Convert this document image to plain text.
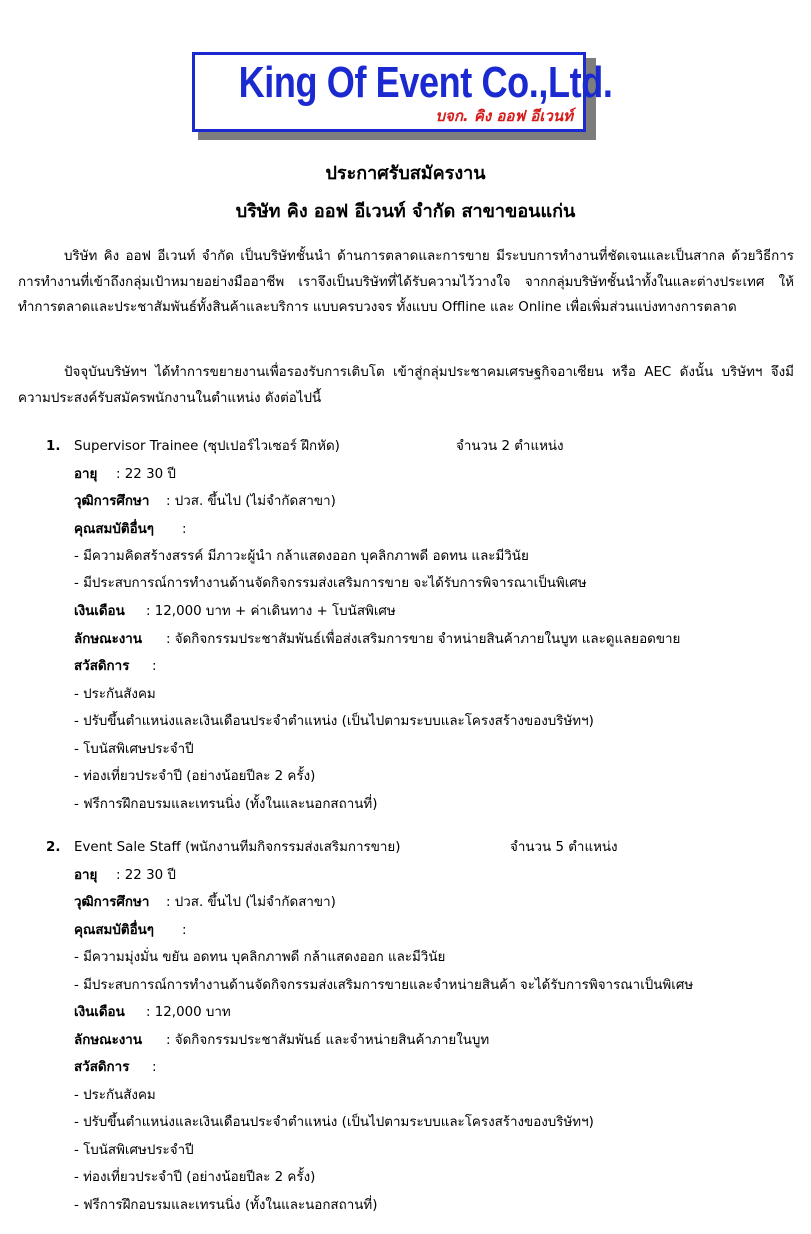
King Of Event Co.,Ltd.
บจก. คิง ออฟ อีเวนท์
ประกาศรับสมัครงาน
บริษัท คิง ออฟ อีเวนท์ จำกัด สาขาขอนแก่น
บริษัท คิง ออฟ อีเวนท์ จำกัด เป็นบริษัทชั้นนำ ด้านการตลาดและการขาย มีระบบการทำงานที่ชัดเจนและเป็นสากล ด้วยวิธีการการทำงานที่เข้าถึงกลุ่มเป้าหมายอย่างมืออาชีพ เราจึงเป็นบริษัทที่ได้รับความไว้วางใจ จากกลุ่มบริษัทชั้นนำทั้งในและต่างประเทศ ให้ทำการตลาดและประชาสัมพันธ์ทั้งสินค้าและบริการ แบบครบวงจร ทั้งแบบ Offline และ Online เพื่อเพิ่มส่วนแบ่งทางการตลาด
ปัจจุบันบริษัทฯ ได้ทำการขยายงานเพื่อรองรับการเติบโต เข้าสู่กลุ่มประชาคมเศรษฐกิจอาเซียน หรือ AEC ดังนั้น บริษัทฯ จึงมีความประสงค์รับสมัครพนักงานในตำแหน่ง ดังต่อไปนี้
1. Supervisor Trainee (ซุปเปอร์ไวเซอร์ ฝึกหัด)	จำนวน 2 ตำแหน่ง
อายุ : 22 30 ปี
วุฒิการศึกษา : ปวส. ขึ้นไป (ไม่จำกัดสาขา)
คุณสมบัติอื่นๆ :
- มีความคิดสร้างสรรค์ มีภาวะผู้นำ กล้าแสดงออก บุคลิกภาพดี อดทน และมีวินัย
- มีประสบการณ์การทำงานด้านจัดกิจกรรมส่งเสริมการขาย จะได้รับการพิจารณาเป็นพิเศษ
เงินเดือน : 12,000 บาท + ค่าเดินทาง + โบนัสพิเศษ
ลักษณะงาน : จัดกิจกรรมประชาสัมพันธ์เพื่อส่งเสริมการขาย จำหน่ายสินค้าภายในบูท และดูแลยอดขาย
สวัสดิการ :
- ประกันสังคม
- ปรับขึ้นตำแหน่งและเงินเดือนประจำตำแหน่ง (เป็นไปตามระบบและโครงสร้างของบริษัทฯ)
- โบนัสพิเศษประจำปี
- ท่องเที่ยวประจำปี (อย่างน้อยปีละ 2 ครั้ง)
- ฟรีการฝึกอบรมและเทรนนิ่ง (ทั้งในและนอกสถานที่)
2. Event Sale Staff (พนักงานทีมกิจกรรมส่งเสริมการขาย)	จำนวน 5 ตำแหน่ง
อายุ : 22 30 ปี
วุฒิการศึกษา : ปวส. ขึ้นไป (ไม่จำกัดสาขา)
คุณสมบัติอื่นๆ :
- มีความมุ่งมั่น ขยัน อดทน บุคลิกภาพดี กล้าแสดงออก และมีวินัย
- มีประสบการณ์การทำงานด้านจัดกิจกรรมส่งเสริมการขายและจำหน่ายสินค้า จะได้รับการพิจารณาเป็นพิเศษ
เงินเดือน : 12,000 บาท
ลักษณะงาน : จัดกิจกรรมประชาสัมพันธ์ และจำหน่ายสินค้าภายในบูท
สวัสดิการ :
- ประกันสังคม
- ปรับขึ้นตำแหน่งและเงินเดือนประจำตำแหน่ง (เป็นไปตามระบบและโครงสร้างของบริษัทฯ)
- โบนัสพิเศษประจำปี
- ท่องเที่ยวประจำปี (อย่างน้อยปีละ 2 ครั้ง)
- ฟรีการฝึกอบรมและเทรนนิ่ง (ทั้งในและนอกสถานที่)
